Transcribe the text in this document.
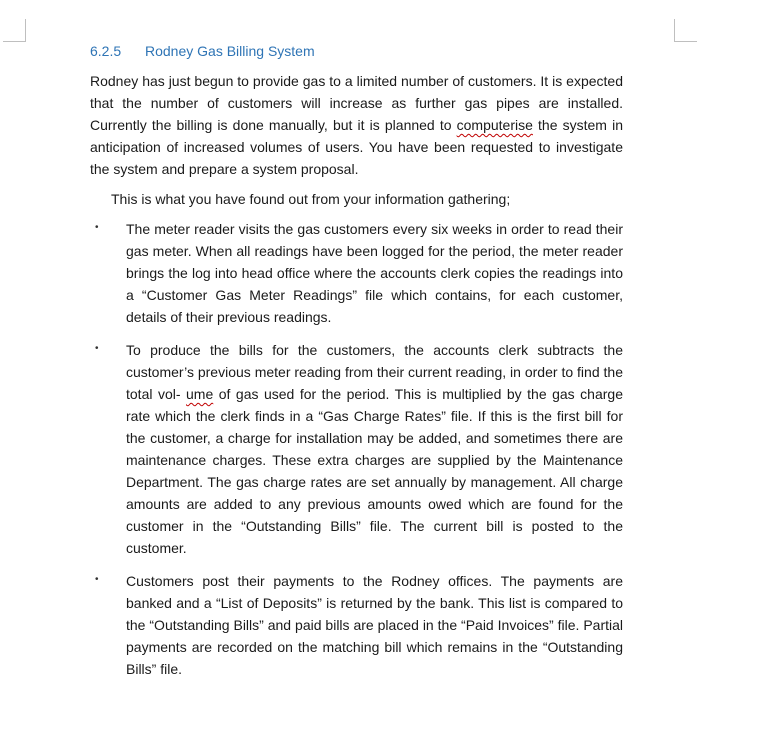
6.2.5 Rodney Gas Billing System

Rodney has just begun to provide gas to a limited number of customers. It is expected that the number of customers will increase as further gas pipes are installed. Currently the billing is done manually, but it is planned to computerise the system in anticipation of increased volumes of users. You have been requested to investigate the system and prepare a system proposal.

This is what you have found out from your information gathering;

• The meter reader visits the gas customers every six weeks in order to read their gas meter. When all readings have been logged for the period, the meter reader brings the log into head office where the accounts clerk copies the readings into a “Customer Gas Meter Readings” file which contains, for each customer, details of their previous readings.

• To produce the bills for the customers, the accounts clerk subtracts the customer’s previous meter reading from their current reading, in order to find the total vol- ume of gas used for the period. This is multiplied by the gas charge rate which the clerk finds in a “Gas Charge Rates” file. If this is the first bill for the customer, a charge for installation may be added, and sometimes there are maintenance charges. These extra charges are supplied by the Maintenance Department. The gas charge rates are set annually by management. All charge amounts are added to any previous amounts owed which are found for the customer in the “Outstanding Bills” file. The current bill is posted to the customer.

• Customers post their payments to the Rodney offices. The payments are banked and a “List of Deposits” is returned by the bank. This list is compared to the “Outstanding Bills” and paid bills are placed in the “Paid Invoices” file. Partial payments are recorded on the matching bill which remains in the “Outstanding Bills” file.
